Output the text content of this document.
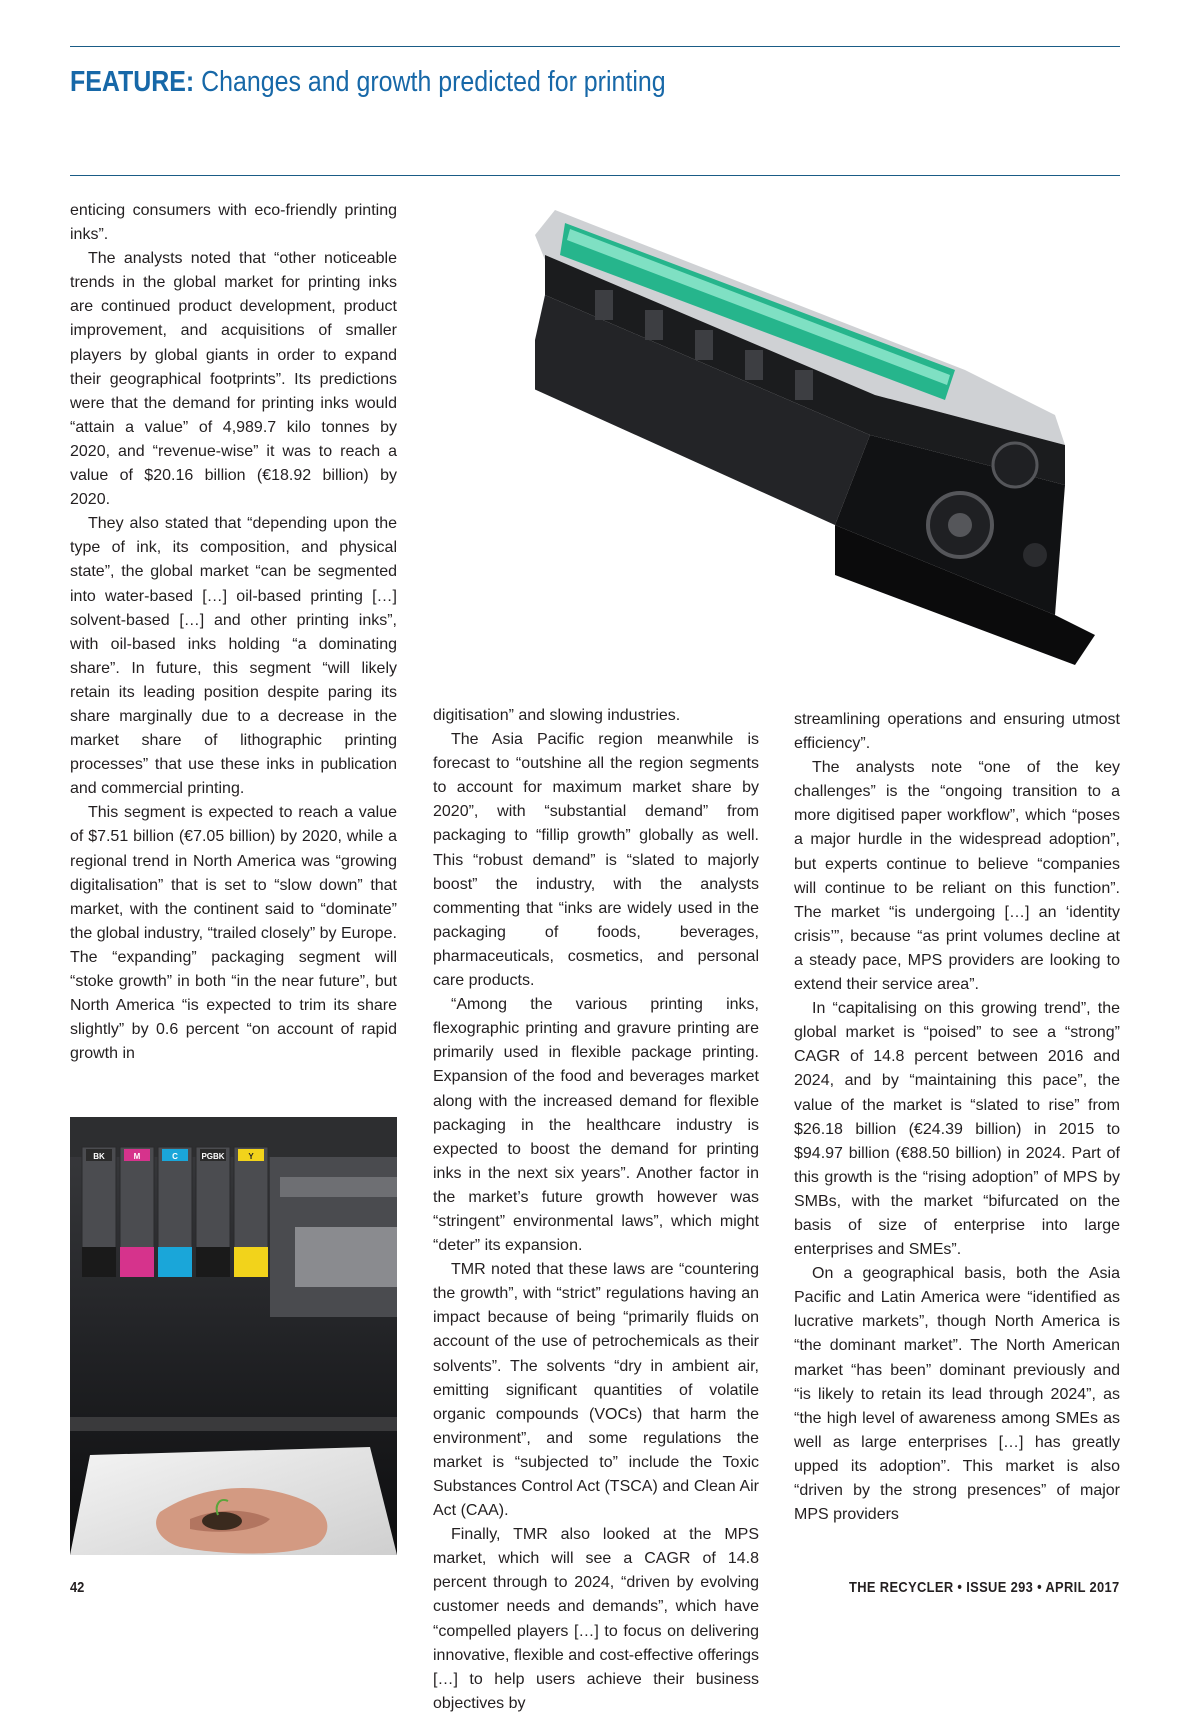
FEATURE: Changes and growth predicted for printing

enticing consumers with eco-friendly printing inks”.

The analysts noted that “other noticeable trends in the global market for printing inks are continued product development, product improvement, and acquisitions of smaller players by global giants in order to expand their geographical footprints”. Its predictions were that the demand for printing inks would “attain a value” of 4,989.7 kilo tonnes by 2020, and “revenue-wise” it was to reach a value of $20.16 billion (€18.92 billion) by 2020.

They also stated that “depending upon the type of ink, its composition, and physical state”, the global market “can be segmented into water-based […] oil-based printing […] solvent-based […] and other printing inks”, with oil-based inks holding “a dominating share”. In future, this segment “will likely retain its leading position despite paring its share marginally due to a decrease in the market share of lithographic printing processes” that use these inks in publication and commercial printing.

This segment is expected to reach a value of $7.51 billion (€7.05 billion) by 2020, while a regional trend in North America was “growing digitalisation” that is set to “slow down” that market, with the continent said to “dominate” the global industry, “trailed closely” by Europe. The “expanding” packaging segment will “stoke growth” in both “in the near future”, but North America “is expected to trim its share slightly” by 0.6 percent “on account of rapid growth in

BK	M	C	PGBK	Y

digitisation” and slowing industries.

The Asia Pacific region meanwhile is forecast to “outshine all the region segments to account for maximum market share by 2020”, with “substantial demand” from packaging to “fillip growth” globally as well. This “robust demand” is “slated to majorly boost” the industry, with the analysts commenting that “inks are widely used in the packaging of foods, beverages, pharmaceuticals, cosmetics, and personal care products.

“Among the various printing inks, flexographic printing and gravure printing are primarily used in flexible package printing. Expansion of the food and beverages market along with the increased demand for flexible packaging in the healthcare industry is expected to boost the demand for printing inks in the next six years”. Another factor in the market’s future growth however was “stringent” environmental laws”, which might “deter” its expansion.

TMR noted that these laws are “countering the growth”, with “strict” regulations having an impact because of being “primarily fluids on account of the use of petrochemicals as their solvents”. The solvents “dry in ambient air, emitting significant quantities of volatile organic compounds (VOCs) that harm the environment”, and some regulations the market is “subjected to” include the Toxic Substances Control Act (TSCA) and Clean Air Act (CAA).

Finally, TMR also looked at the MPS market, which will see a CAGR of 14.8 percent through to 2024, “driven by evolving customer needs and demands”, which have “compelled players […] to focus on delivering innovative, flexible and cost-effective offerings […] to help users achieve their business objectives by

streamlining operations and ensuring utmost efficiency”.

The analysts note “one of the key challenges” is the “ongoing transition to a more digitised paper workflow”, which “poses a major hurdle in the widespread adoption”, but experts continue to believe “companies will continue to be reliant on this function”. The market “is undergoing […] an ‘identity crisis’”, because “as print volumes decline at a steady pace, MPS providers are looking to extend their service area”.

In “capitalising on this growing trend”, the global market is “poised” to see a “strong” CAGR of 14.8 percent between 2016 and 2024, and by “maintaining this pace”, the value of the market is “slated to rise” from $26.18 billion (€24.39 billion) in 2015 to $94.97 billion (€88.50 billion) in 2024. Part of this growth is the “rising adoption” of MPS by SMBs, with the market “bifurcated on the basis of size of enterprise into large enterprises and SMEs”.

On a geographical basis, both the Asia Pacific and Latin America were “identified as lucrative markets”, though North America is “the dominant market”. The North American market “has been” dominant previously and “is likely to retain its lead through 2024”, as “the high level of awareness among SMEs as well as large enterprises […] has greatly upped its adoption”. This market is also “driven by the strong presences” of major MPS providers

42	THE RECYCLER • ISSUE 293 • APRIL 2017
